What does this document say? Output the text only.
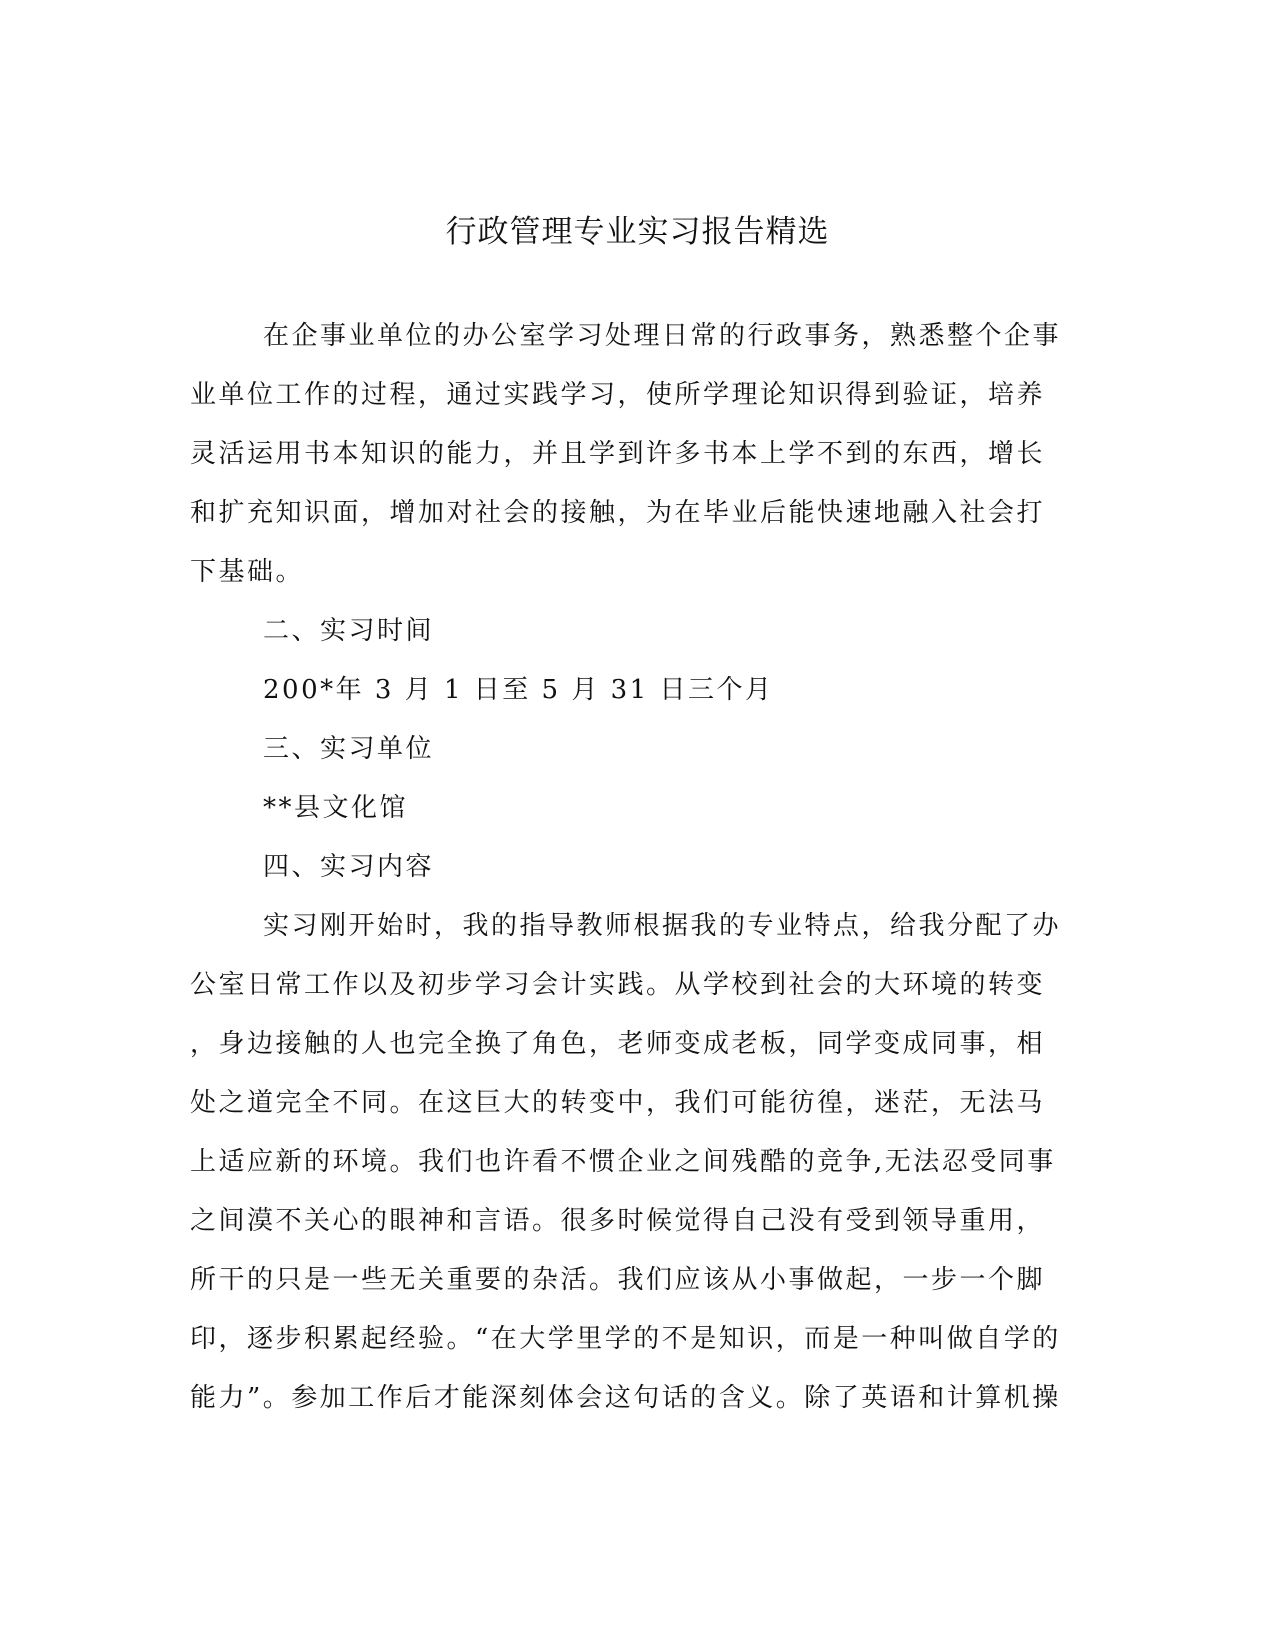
行政管理专业实习报告精选

在企事业单位的办公室学习处理日常的行政事务，熟悉整个企事

业单位工作的过程，通过实践学习，使所学理论知识得到验证，培养

灵活运用书本知识的能力，并且学到许多书本上学不到的东西，增长

和扩充知识面，增加对社会的接触，为在毕业后能快速地融入社会打

下基础。

二、实习时间

200*年 3 月 1 日至 5 月 31 日三个月

三、实习单位

**县文化馆

四、实习内容

实习刚开始时，我的指导教师根据我的专业特点，给我分配了办

公室日常工作以及初步学习会计实践。从学校到社会的大环境的转变

，身边接触的人也完全换了角色，老师变成老板，同学变成同事，相

处之道完全不同。在这巨大的转变中，我们可能彷徨，迷茫，无法马

上适应新的环境。我们也许看不惯企业之间残酷的竞争,无法忍受同事

之间漠不关心的眼神和言语。很多时候觉得自己没有受到领导重用，

所干的只是一些无关重要的杂活。我们应该从小事做起，一步一个脚

印，逐步积累起经验。“在大学里学的不是知识，而是一种叫做自学的

能力”。参加工作后才能深刻体会这句话的含义。除了英语和计算机操
